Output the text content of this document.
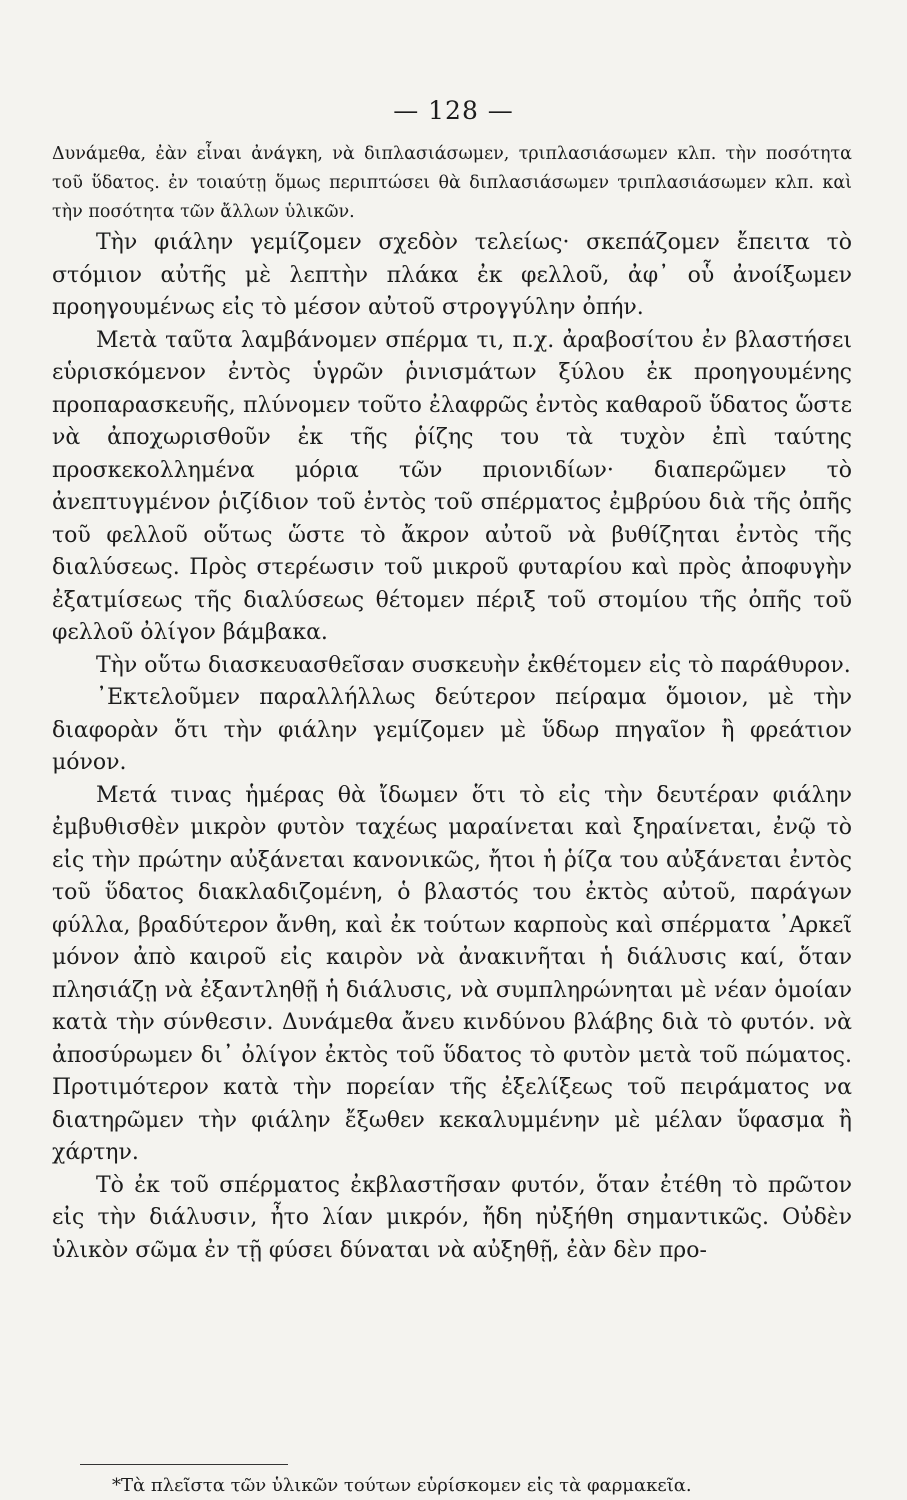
— 128 —

Δυνάμεθα, ἐὰν εἶναι ἀνάγκη, νὰ διπλασιάσωμεν, τριπλασιάσωμεν κλπ. τὴν ποσότητα τοῦ ὕδατος. ἐν τοιαύτῃ ὅμως περιπτώσει θὰ διπλασιάσωμεν τριπλασιάσωμεν κλπ. καὶ τὴν ποσότητα τῶν ἄλλων ὑλικῶν.

Τὴν φιάλην γεμίζομεν σχεδὸν τελείως· σκεπάζομεν ἔπειτα τὸ στόμιον αὐτῆς μὲ λεπτὴν πλάκα ἐκ φελλοῦ, ἀφ᾿ οὗ ἀνοίξωμεν προηγουμένως εἰς τὸ μέσον αὐτοῦ στρογγύλην ὀπήν.

Μετὰ ταῦτα λαμβάνομεν σπέρμα τι, π.χ. ἀραβοσίτου ἐν βλαστήσει εὑρισκόμενον ἐντὸς ὑγρῶν ῥινισμάτων ξύλου ἐκ προηγουμένης προπαρασκευῆς, πλύνομεν τοῦτο ἐλαφρῶς ἐντὸς καθαροῦ ὕδατος ὥστε νὰ ἀποχωρισθοῦν ἐκ τῆς ῥίζης του τὰ τυχὸν ἐπὶ ταύτης προσκεκολλημένα μόρια τῶν πριονιδίων· διαπερῶμεν τὸ ἀνεπτυγμένον ῥιζίδιον τοῦ ἐντὸς τοῦ σπέρματος ἐμβρύου διὰ τῆς ὀπῆς τοῦ φελλοῦ οὕτως ὥστε τὸ ἄκρον αὐτοῦ νὰ βυθίζηται ἐντὸς τῆς διαλύσεως. Πρὸς στερέωσιν τοῦ μικροῦ φυταρίου καὶ πρὸς ἀποφυγὴν ἐξατμίσεως τῆς διαλύσεως θέτομεν πέριξ τοῦ στομίου τῆς ὀπῆς τοῦ φελλοῦ ὀλίγον βάμβακα.

Τὴν οὕτω διασκευασθεῖσαν συσκευὴν ἐκθέτομεν εἰς τὸ παράθυρον.

᾿Εκτελοῦμεν παραλλήλλως δεύτερον πείραμα ὅμοιον, μὲ τὴν διαφορὰν ὅτι τὴν φιάλην γεμίζομεν μὲ ὕδωρ πηγαῖον ἢ φρεάτιον μόνον.

Μετά τινας ἡμέρας θὰ ἴδωμεν ὅτι τὸ εἰς τὴν δευτέραν φιάλην ἐμβυθισθὲν μικρὸν φυτὸν ταχέως μαραίνεται καὶ ξηραίνεται, ἐνῷ τὸ εἰς τὴν πρώτην αὐξάνεται κανονικῶς, ἤτοι ἡ ῥίζα του αὐξάνεται ἐντὸς τοῦ ὕδατος διακλαδιζομένη, ὁ βλαστός του ἐκτὸς αὐτοῦ, παράγων φύλλα, βραδύτερον ἄνθη, καὶ ἐκ τούτων καρποὺς καὶ σπέρματα ᾿Αρκεῖ μόνον ἀπὸ καιροῦ εἰς καιρὸν νὰ ἀνακινῆται ἡ διάλυσις καί, ὅταν πλησιάζῃ νὰ ἐξαντληθῇ ἡ διάλυσις, νὰ συμπληρώνηται μὲ νέαν ὁμοίαν κατὰ τὴν σύνθεσιν. Δυνάμεθα ἄνευ κινδύνου βλάβης διὰ τὸ φυτόν. νὰ ἀποσύρωμεν δι᾿ ὀλίγον ἐκτὸς τοῦ ὕδατος τὸ φυτὸν μετὰ τοῦ πώματος. Προτιμότερον κατὰ τὴν πορείαν τῆς ἐξελίξεως τοῦ πειράματος να διατηρῶμεν τὴν φιάλην ἔξωθεν κεκαλυμμένην μὲ μέλαν ὕφασμα ἢ χάρτην.

Τὸ ἐκ τοῦ σπέρματος ἐκβλαστῆσαν φυτόν, ὅταν ἐτέθη τὸ πρῶτον εἰς τὴν διάλυσιν, ἦτο λίαν μικρόν, ἤδη ηὐξήθη σημαντικῶς. Οὐδὲν ὑλικὸν σῶμα ἐν τῇ φύσει δύναται νὰ αὐξηθῇ, ἐὰν δὲν προ-

*Τὰ πλεῖστα τῶν ὑλικῶν τούτων εὑρίσκομεν εἰς τὰ φαρμακεῖα.
